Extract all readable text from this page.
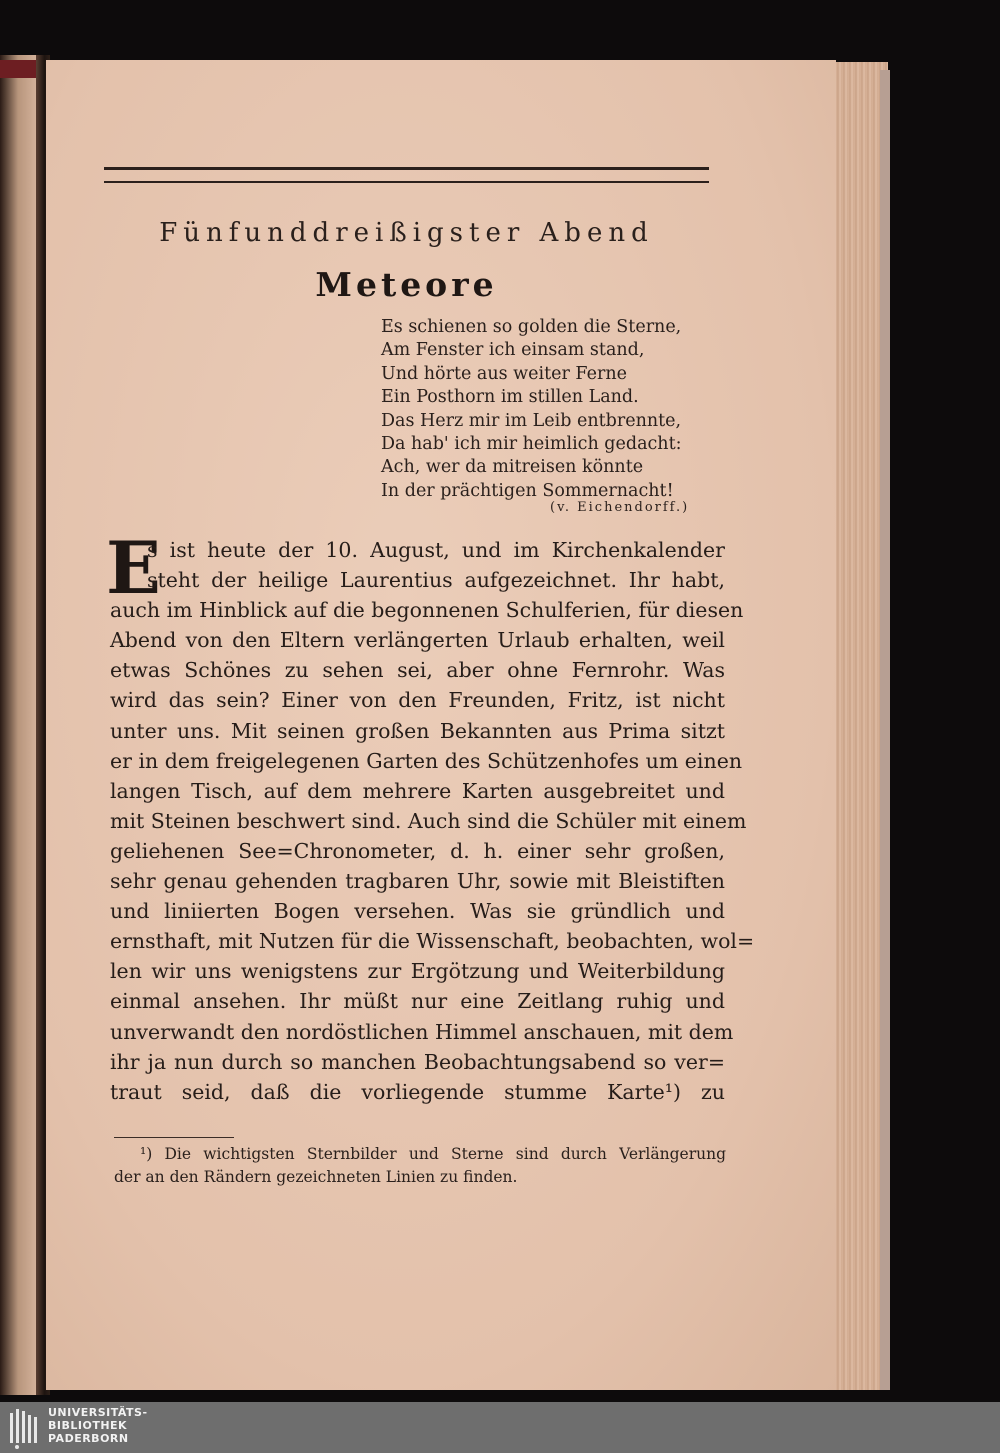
Fünfunddreißigster Abend
Meteore
Es schienen so golden die Sterne,
Am Fenster ich einsam stand,
Und hörte aus weiter Ferne
Ein Posthorn im stillen Land.
Das Herz mir im Leib entbrennte,
Da hab' ich mir heimlich gedacht:
Ach, wer da mitreisen könnte
In der prächtigen Sommernacht!
(v. Eichendorff.)
E
s ist heute der 10. August, und im Kirchenkalender
steht der heilige Laurentius aufgezeichnet. Ihr habt,
auch im Hinblick auf die begonnenen Schulferien, für diesen
Abend von den Eltern verlängerten Urlaub erhalten, weil
etwas Schönes zu sehen sei, aber ohne Fernrohr. Was
wird das sein? Einer von den Freunden, Fritz, ist nicht
unter uns. Mit seinen großen Bekannten aus Prima sitzt
er in dem freigelegenen Garten des Schützenhofes um einen
langen Tisch, auf dem mehrere Karten ausgebreitet und
mit Steinen beschwert sind. Auch sind die Schüler mit einem
geliehenen See=Chronometer, d. h. einer sehr großen,
sehr genau gehenden tragbaren Uhr, sowie mit Bleistiften
und liniierten Bogen versehen. Was sie gründlich und
ernsthaft, mit Nutzen für die Wissenschaft, beobachten, wol=
len wir uns wenigstens zur Ergötzung und Weiterbildung
einmal ansehen. Ihr müßt nur eine Zeitlang ruhig und
unverwandt den nordöstlichen Himmel anschauen, mit dem
ihr ja nun durch so manchen Beobachtungsabend so ver=
traut seid, daß die vorliegende stumme Karte¹) zu
¹) Die wichtigsten Sternbilder und Sterne sind durch Verlängerung
der an den Rändern gezeichneten Linien zu finden.
UNIVERSITÄTS-
BIBLIOTHEK
PADERBORN
